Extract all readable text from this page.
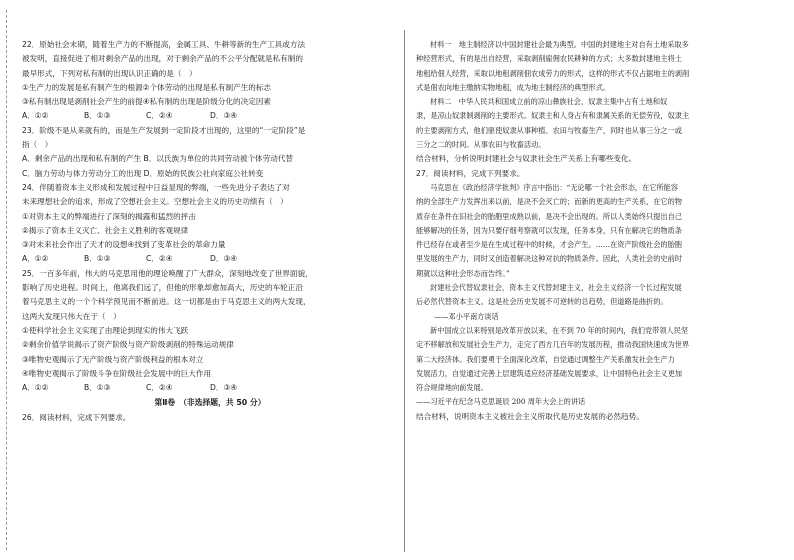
22．原始社会末期，随着生产力的不断提高，金属工具、牛耕等新的生产工具或方法
被发明，直接促进了相对剩余产品的出现，对于剩余产品的不公平分配就是私有制的
最早形式，下列对私有制的出现认识正确的是（　）
①生产力的发展是私有制产生的根源②个体劳动的出现是私有制产生的标志
③私有制出现是剥削社会产生的前提④私有制的出现是阶级分化的决定因素
A．①②	B．①③	C．②④	D．③④
23．阶级不是从来就有的，而是生产发展到一定阶段才出现的，这里的“一定阶段”是
指（　）
A．剩余产品的出现和私有制的产生 B．以氏族为单位的共同劳动被个体劳动代替
C．脑力劳动与体力劳动分工的出现 D．原始的民族公社向家庭公社转变
24．伴随着资本主义形成和发展过程中日益显现的弊端，一些先进分子表达了对
未来理想社会的追求，形成了空想社会主义。空想社会主义的历史功绩有（　）
①对资本主义的弊端进行了深刻的揭露和猛烈的抨击
②揭示了资本主义灭亡、社会主义胜利的客观规律
③对未来社会作出了天才的设想④找到了变革社会的革命力量
A．①②	B．①③	C．②④	D．③④
25．一百多年前，伟大的马克思用他的理论唤醒了广大群众，深刻地改变了世界面貌，
影响了历史进程。时间上，他离我们远了，但他的形象却愈加高大，历史的车轮正沿
着马克思主义的一个个科学预见而不断前进。这一切都是由于马克思主义的两大发现，
这两大发现只伟大在于（　）
①使科学社会主义实现了由理论到现实的伟大飞跃
②剩余价值学说揭示了资产阶级与资产阶级剥削的特殊运动规律
③唯物史观揭示了无产阶级与资产阶级利益的根本对立
④唯物史观揭示了阶级斗争在阶级社会发展中的巨大作用
A．①②	B．①③	C．②④	D．③④
第Ⅱ卷　（非选择题，共 50 分）
26．阅读材料，完成下列要求。
材料一　地主制经济以中国封建社会最为典型。中国的封建地主对自有土地采取多
种经营形式，有的是出自经营，采取剥削雇佣农民耕种的方式；大多数封建地主将土
地租给佃人经营，采取以地租剥削佃农成劳力的形式，这样的形式不仅占据地主的剥削
式是佃农向地主缴纳实物地租，成为地主制经济的典型形式。
材料二　中华人民共和国成立前的凉山彝族社会，奴隶主集中占有土地和奴
隶，是凉山奴隶制剥削的主要形式。奴隶主和人身占有和隶属关系的无偿劳役，奴隶主
的主要剥削方式，他们驱使奴隶从事种植、农田与牧畜生产，同时也从事三分之一或
三分之二的时间。从事农田与牧畜活动。
结合材料，分析说明封建社会与奴隶社会生产关系上有哪些变化。
27．阅读材料，完成下列要求。
马克思在《政治经济学批判》序言中指出：“无论哪一个社会形态，在它所能容
纳的全部生产力发挥出来以前，是决不会灭亡的；而新的更高的生产关系，在它的物
质存在条件在旧社会的胎胞里成熟以前，是决不会出现的。所以人类始终只提出自己
能够解决的任务，因为只要仔细考察就可以发现，任务本身，只有在解决它的物质条
件已经存在或者至少是在生成过程中的时候，才会产生。……在资产阶级社会的胎胞
里发展的生产力，同时又创造着解决这种对抗的物质条件。因此，人类社会的史前时
期就以这种社会形态而告终。”
封建社会代替奴隶社会，资本主义代替封建主义，社会主义经济一个长过程发展
后必然代替资本主义。这是社会历史发展不可逆转的总趋势，但道路是曲折的。
——邓小平南方谈话
新中国成立以来特别是改革开放以来，在不到 70 年的时间内，我们党带领人民坚
定不移解放和发展社会生产力，走完了西方几百年的发展历程，推动我国快速成为世界
第二大经济体。我们要勇于全面深化改革，自觉通过调整生产关系激发社会生产力
发展活力，自觉通过完善上层建筑适应经济基础发展要求，让中国特色社会主义更加
符合规律地向前发展。
——习近平在纪念马克思诞辰 200 周年大会上的讲话
结合材料，说明资本主义被社会主义所取代是历史发展的必然趋势。
